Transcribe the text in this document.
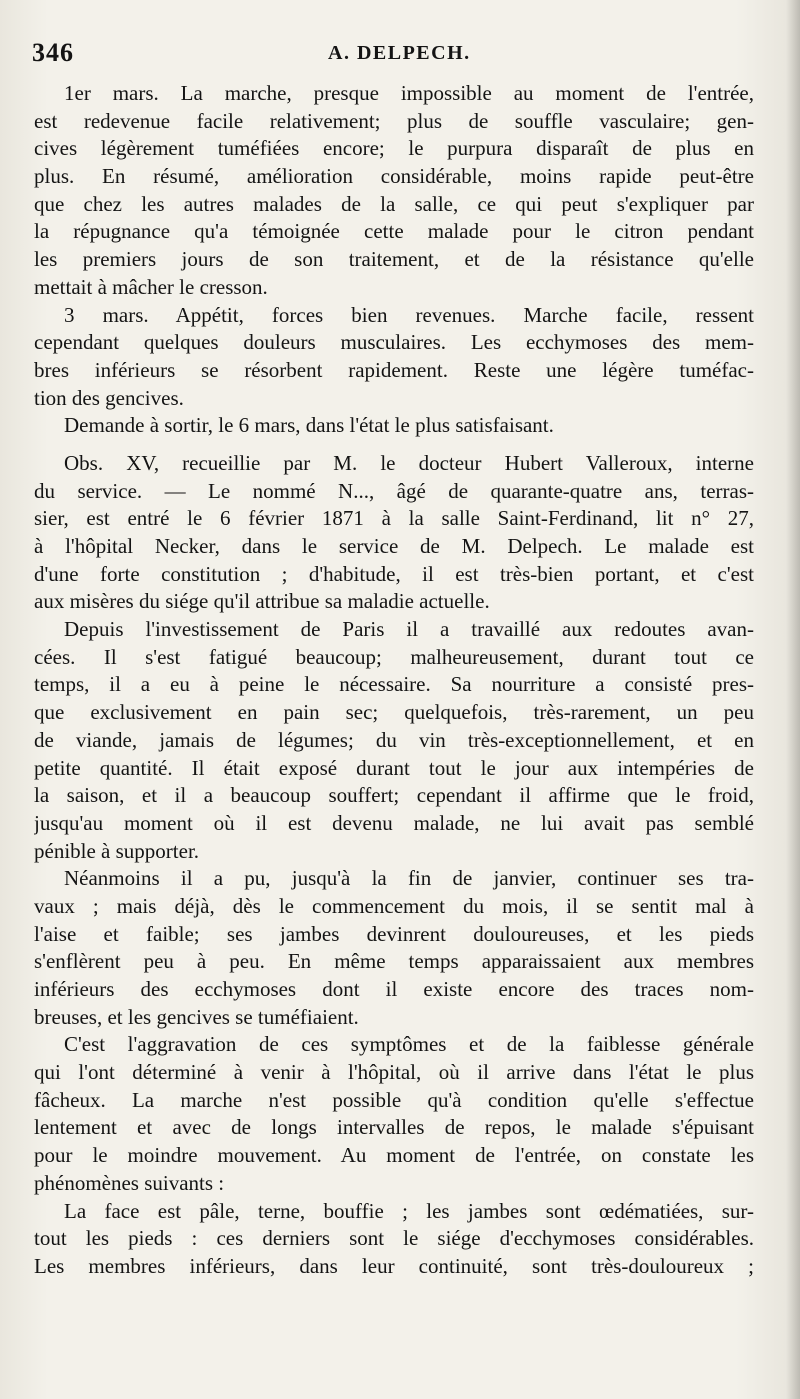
346	A. DELPECH.
1er mars. La marche, presque impossible au moment de l'entrée,
est redevenue facile relativement; plus de souffle vasculaire; gen-
cives légèrement tuméfiées encore; le purpura disparaît de plus en
plus. En résumé, amélioration considérable, moins rapide peut-être
que chez les autres malades de la salle, ce qui peut s'expliquer par
la répugnance qu'a témoignée cette malade pour le citron pendant
les premiers jours de son traitement, et de la résistance qu'elle
mettait à mâcher le cresson.
3 mars. Appétit, forces bien revenues. Marche facile, ressent
cependant quelques douleurs musculaires. Les ecchymoses des mem-
bres inférieurs se résorbent rapidement. Reste une légère tuméfac-
tion des gencives.
Demande à sortir, le 6 mars, dans l'état le plus satisfaisant.
Obs. XV, recueillie par M. le docteur Hubert Valleroux, interne
du service. — Le nommé N..., âgé de quarante-quatre ans, terras-
sier, est entré le 6 février 1871 à la salle Saint-Ferdinand, lit n° 27,
à l'hôpital Necker, dans le service de M. Delpech. Le malade est
d'une forte constitution ; d'habitude, il est très-bien portant, et c'est
aux misères du siége qu'il attribue sa maladie actuelle.
Depuis l'investissement de Paris il a travaillé aux redoutes avan-
cées. Il s'est fatigué beaucoup; malheureusement, durant tout ce
temps, il a eu à peine le nécessaire. Sa nourriture a consisté pres-
que exclusivement en pain sec; quelquefois, très-rarement, un peu
de viande, jamais de légumes; du vin très-exceptionnellement, et en
petite quantité. Il était exposé durant tout le jour aux intempéries de
la saison, et il a beaucoup souffert; cependant il affirme que le froid,
jusqu'au moment où il est devenu malade, ne lui avait pas semblé
pénible à supporter.
Néanmoins il a pu, jusqu'à la fin de janvier, continuer ses tra-
vaux ; mais déjà, dès le commencement du mois, il se sentit mal à
l'aise et faible; ses jambes devinrent douloureuses, et les pieds
s'enflèrent peu à peu. En même temps apparaissaient aux membres
inférieurs des ecchymoses dont il existe encore des traces nom-
breuses, et les gencives se tuméfiaient.
C'est l'aggravation de ces symptômes et de la faiblesse générale
qui l'ont déterminé à venir à l'hôpital, où il arrive dans l'état le plus
fâcheux. La marche n'est possible qu'à condition qu'elle s'effectue
lentement et avec de longs intervalles de repos, le malade s'épuisant
pour le moindre mouvement. Au moment de l'entrée, on constate les
phénomènes suivants :
La face est pâle, terne, bouffie ; les jambes sont œdématiées, sur-
tout les pieds : ces derniers sont le siége d'ecchymoses considérables.
Les membres inférieurs, dans leur continuité, sont très-douloureux ;
